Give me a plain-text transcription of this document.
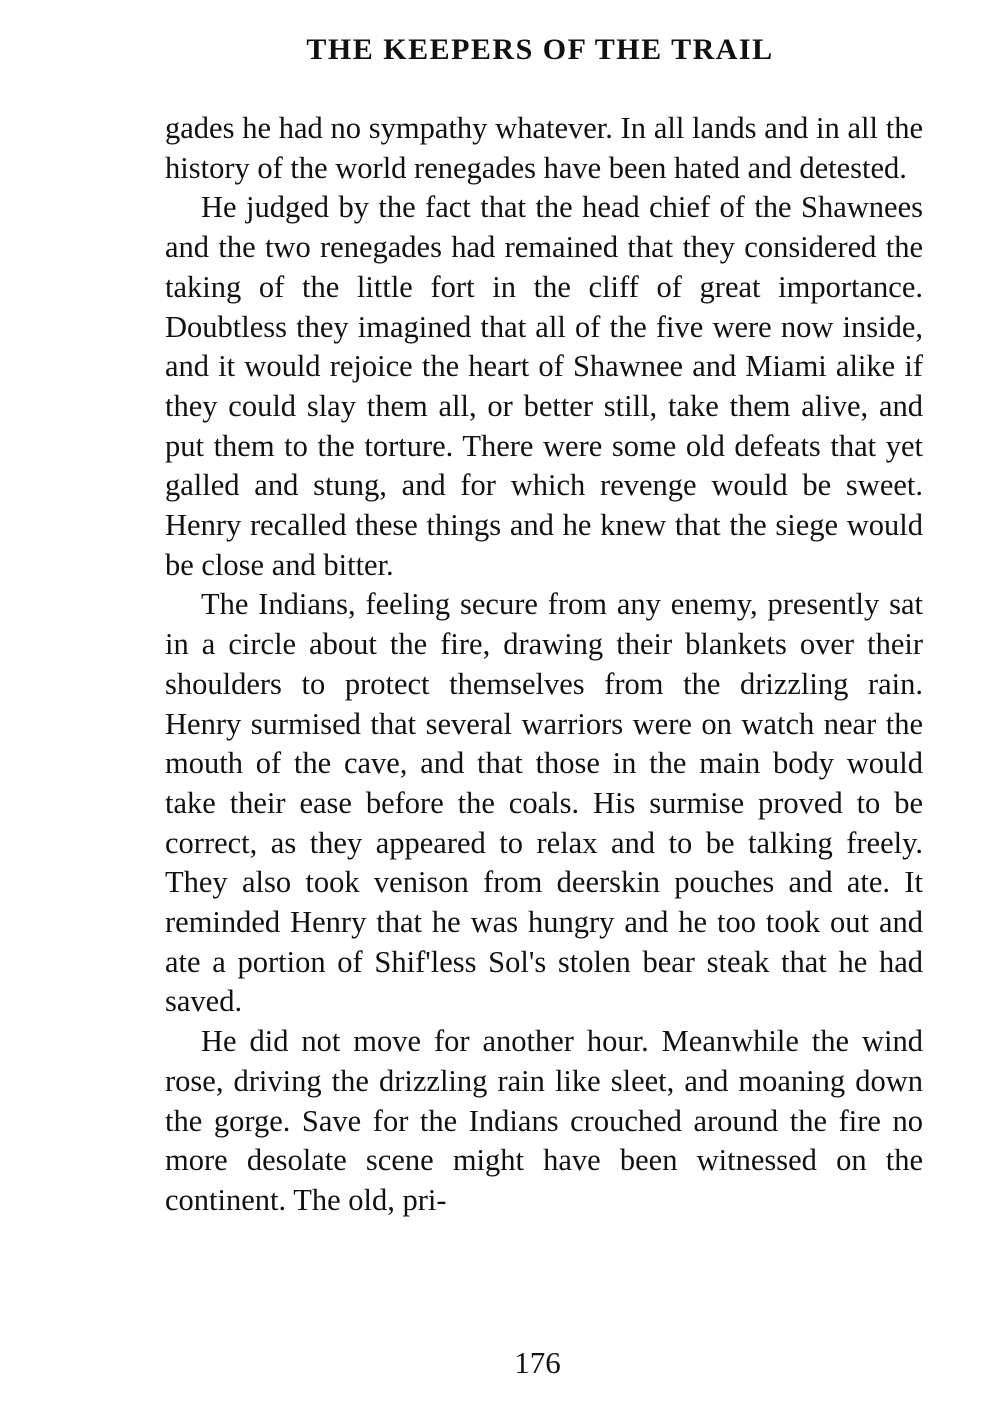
THE KEEPERS OF THE TRAIL

gades he had no sympathy whatever. In all lands and in all the history of the world renegades have been hated and detested.

He judged by the fact that the head chief of the Shawnees and the two renegades had remained that they considered the taking of the little fort in the cliff of great importance. Doubtless they imagined that all of the five were now inside, and it would rejoice the heart of Shawnee and Miami alike if they could slay them all, or better still, take them alive, and put them to the torture. There were some old defeats that yet galled and stung, and for which revenge would be sweet. Henry recalled these things and he knew that the siege would be close and bitter.

The Indians, feeling secure from any enemy, presently sat in a circle about the fire, drawing their blankets over their shoulders to protect themselves from the drizzling rain. Henry surmised that several warriors were on watch near the mouth of the cave, and that those in the main body would take their ease before the coals. His surmise proved to be correct, as they appeared to relax and to be talking freely. They also took venison from deerskin pouches and ate. It reminded Henry that he was hungry and he too took out and ate a portion of Shif'less Sol's stolen bear steak that he had saved.

He did not move for another hour. Meanwhile the wind rose, driving the drizzling rain like sleet, and moaning down the gorge. Save for the Indians crouched around the fire no more desolate scene might have been witnessed on the continent. The old, pri-

176
